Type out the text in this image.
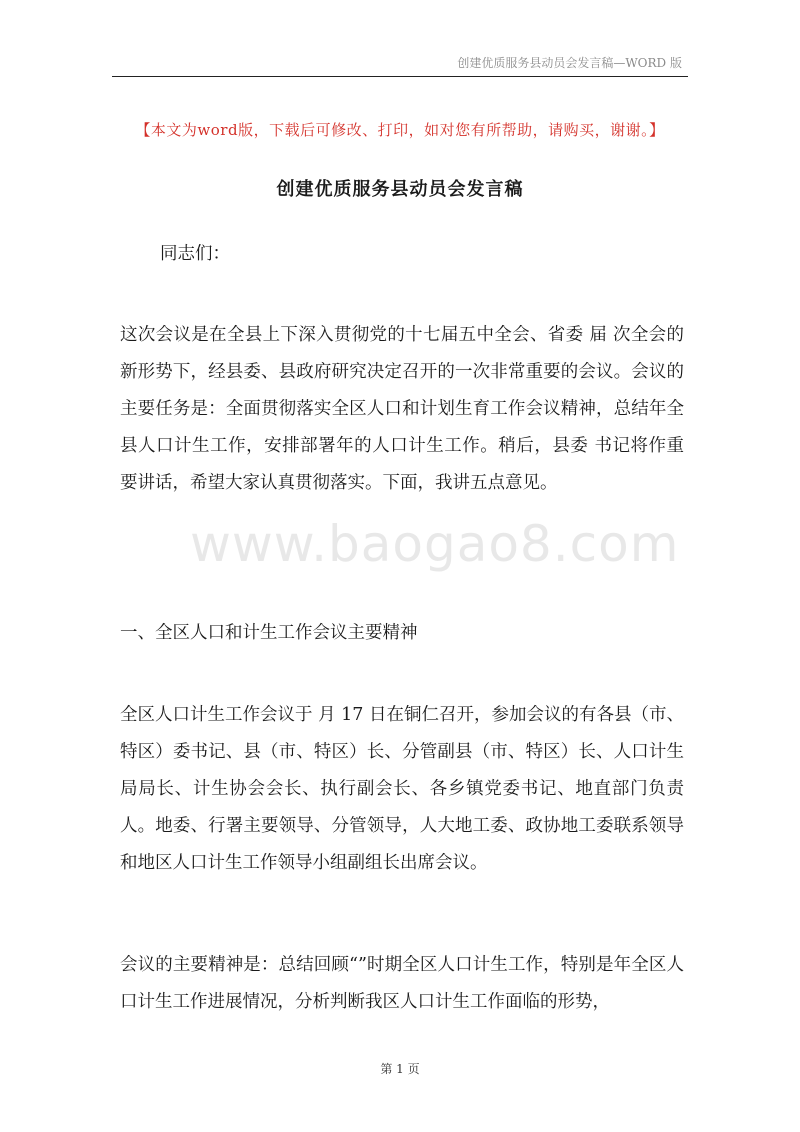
创建优质服务县动员会发言稿—WORD 版
【本文为word版，下载后可修改、打印，如对您有所帮助，请购买，谢谢。】
创建优质服务县动员会发言稿
同志们：
这次会议是在全县上下深入贯彻党的十七届五中全会、省委 届 次全会的新形势下，经县委、县政府研究决定召开的一次非常重要的会议。会议的主要任务是：全面贯彻落实全区人口和计划生育工作会议精神，总结年全县人口计生工作，安排部署年的人口计生工作。稍后，县委 书记将作重要讲话，希望大家认真贯彻落实。下面，我讲五点意见。
www.baogao8.com
一、全区人口和计生工作会议主要精神
全区人口计生工作会议于 月 17 日在铜仁召开，参加会议的有各县（市、特区）委书记、县（市、特区）长、分管副县（市、特区）长、人口计生局局长、计生协会会长、执行副会长、各乡镇党委书记、地直部门负责人。地委、行署主要领导、分管领导，人大地工委、政协地工委联系领导和地区人口计生工作领导小组副组长出席会议。
会议的主要精神是：总结回顾“”时期全区人口计生工作，特别是年全区人口计生工作进展情况，分析判断我区人口计生工作面临的形势，
第 1 页
